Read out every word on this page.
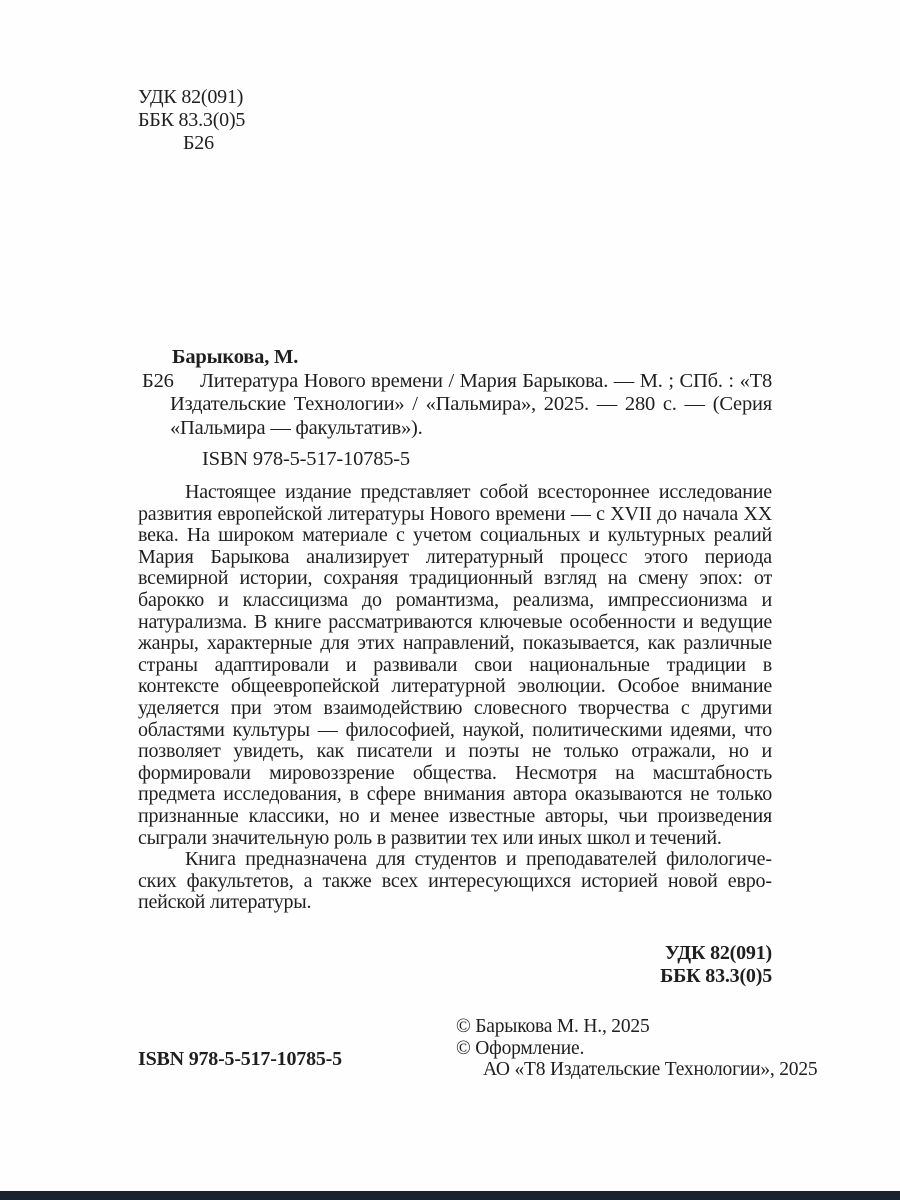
УДК 82(091)
ББК 83.3(0)5
Б26
Барыкова, М.
Б26 Литература Нового времени / Мария Барыкова. — М. ; СПб. : «Т8 Издательские Технологии» / «Пальмира», 2025. — 280 с. — (Серия «Пальмира — факультатив»).
ISBN 978-5-517-10785-5

Настоящее издание представляет собой всестороннее исследование развития европейской литературы Нового времени — с XVII до начала XX века. На широком материале с учетом социальных и культурных реалий Мария Барыкова анализирует литературный процесс этого периода всемирной истории, сохраняя традиционный взгляд на смену эпох: от барокко и классицизма до романтизма, реализма, импрессионизма и натурализма. В книге рассматриваются ключевые особенности и ведущие жанры, характерные для этих направлений, показывается, как различные страны адаптировали и развивали свои национальные традиции в контексте общеевропейской литературной эволюции. Особое внимание уделяется при этом взаимодействию словесного творчества с другими областями культуры — философией, наукой, политическими идеями, что позволяет увидеть, как писатели и поэты не только отражали, но и формировали мировоззрение общества. Несмотря на масштабность предмета исследования, в сфере внимания автора оказываются не только признанные классики, но и менее известные авторы, чьи произведения сыграли значительную роль в развитии тех или иных школ и течений.

Книга предназначена для студентов и преподавателей филологических факультетов, а также всех интересующихся историей новой европейской литературы.

УДК 82(091)
ББК 83.3(0)5
ISBN 978-5-517-10785-5
© Барыкова М. Н., 2025
© Оформление.
АО «Т8 Издательские Технологии», 2025
